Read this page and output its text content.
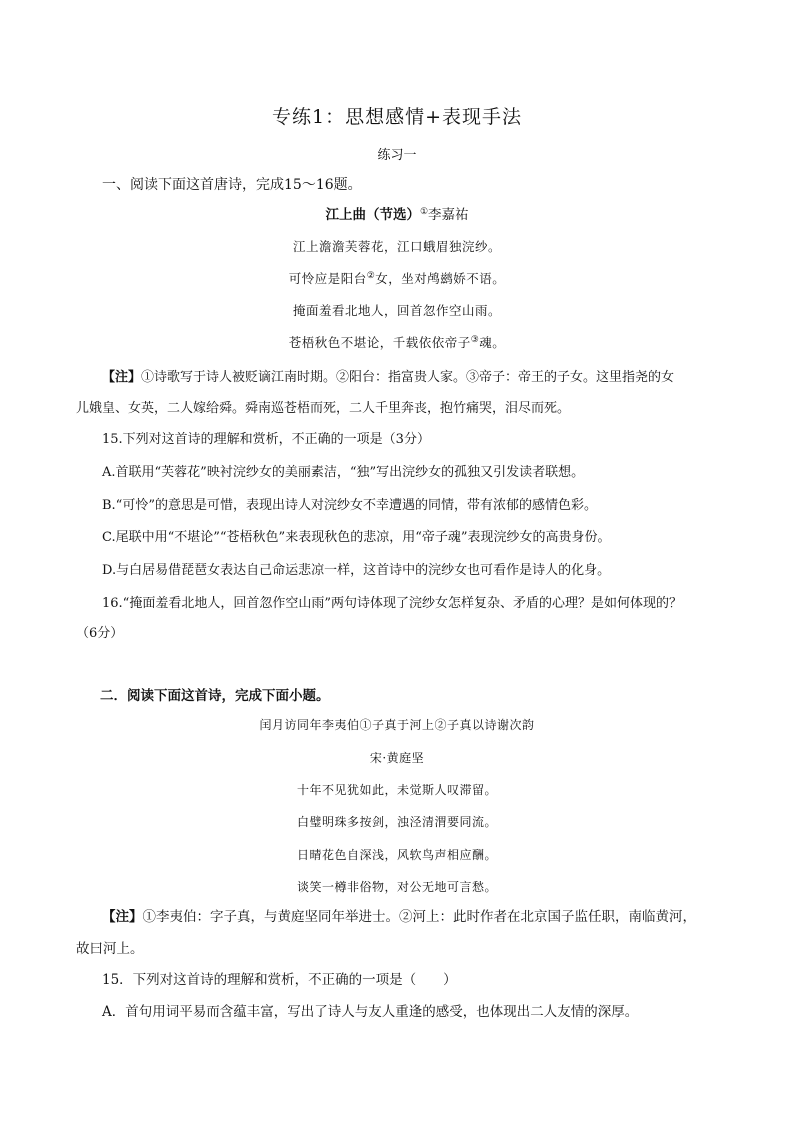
专练1：思想感情+表现手法
练习一
一、阅读下面这首唐诗，完成15～16题。
江上曲（节选）①李嘉祐
江上澹澹芙蓉花，江口蛾眉独浣纱。
可怜应是阳台②女，坐对鸬鹚娇不语。
掩面羞看北地人，回首忽作空山雨。
苍梧秋色不堪论，千载依依帝子③魂。
【注】①诗歌写于诗人被贬谪江南时期。②阳台：指富贵人家。③帝子：帝王的子女。这里指尧的女
儿娥皇、女英，二人嫁给舜。舜南巡苍梧而死，二人千里奔丧，抱竹痛哭，泪尽而死。
15.下列对这首诗的理解和赏析，不正确的一项是（3分）
A.首联用“芙蓉花”映衬浣纱女的美丽素洁，“独”写出浣纱女的孤独又引发读者联想。
B.“可怜”的意思是可惜，表现出诗人对浣纱女不幸遭遇的同情，带有浓郁的感情色彩。
C.尾联中用“不堪论”“苍梧秋色”来表现秋色的悲凉，用“帝子魂”表现浣纱女的高贵身份。
D.与白居易借琵琶女表达自己命运悲凉一样，这首诗中的浣纱女也可看作是诗人的化身。
16.“掩面羞看北地人，回首忽作空山雨”两句诗体现了浣纱女怎样复杂、矛盾的心理？是如何体现的？
（6分）
二．阅读下面这首诗，完成下面小题。
闰月访同年李夷伯①子真于河上②子真以诗谢次韵
宋·黄庭坚
十年不见犹如此，未觉斯人叹滞留。
白璧明珠多按剑，浊泾清渭要同流。
日晴花色自深浅，风软鸟声相应酬。
谈笑一樽非俗物，对公无地可言愁。
【注】①李夷伯：字子真，与黄庭坚同年举进士。②河上：此时作者在北京国子监任职，南临黄河，
故曰河上。
15．下列对这首诗的理解和赏析，不正确的一项是（　　）
A．首句用词平易而含蕴丰富，写出了诗人与友人重逢的感受，也体现出二人友情的深厚。
